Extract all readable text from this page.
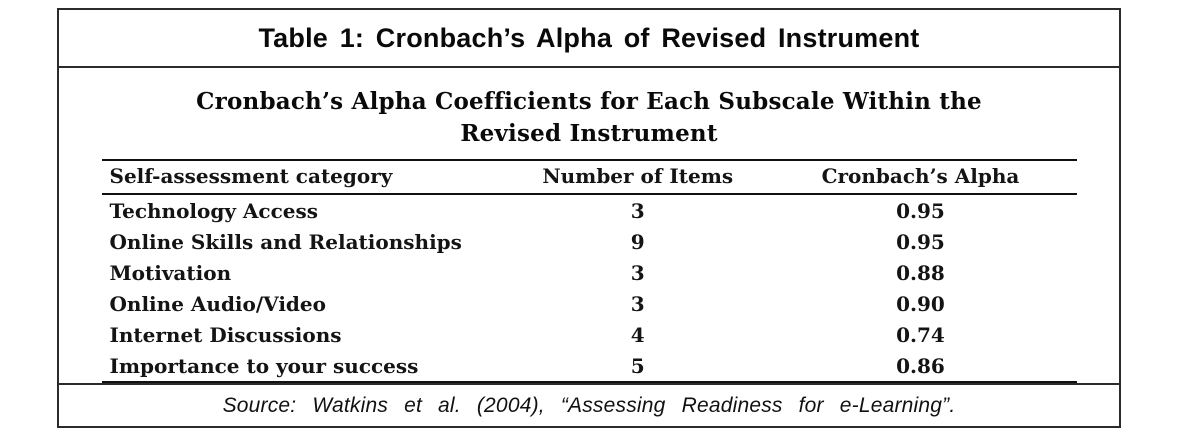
Table 1: Cronbach’s Alpha of Revised Instrument
Cronbach’s Alpha Coefficients for Each Subscale Within the
Revised Instrument
Self-assessment category	Number of Items	Cronbach’s Alpha
Technology Access	3	0.95
Online Skills and Relationships	9	0.95
Motivation	3	0.88
Online Audio/Video	3	0.90
Internet Discussions	4	0.74
Importance to your success	5	0.86
Source: Watkins et al. (2004), “Assessing Readiness for e-Learning”.
